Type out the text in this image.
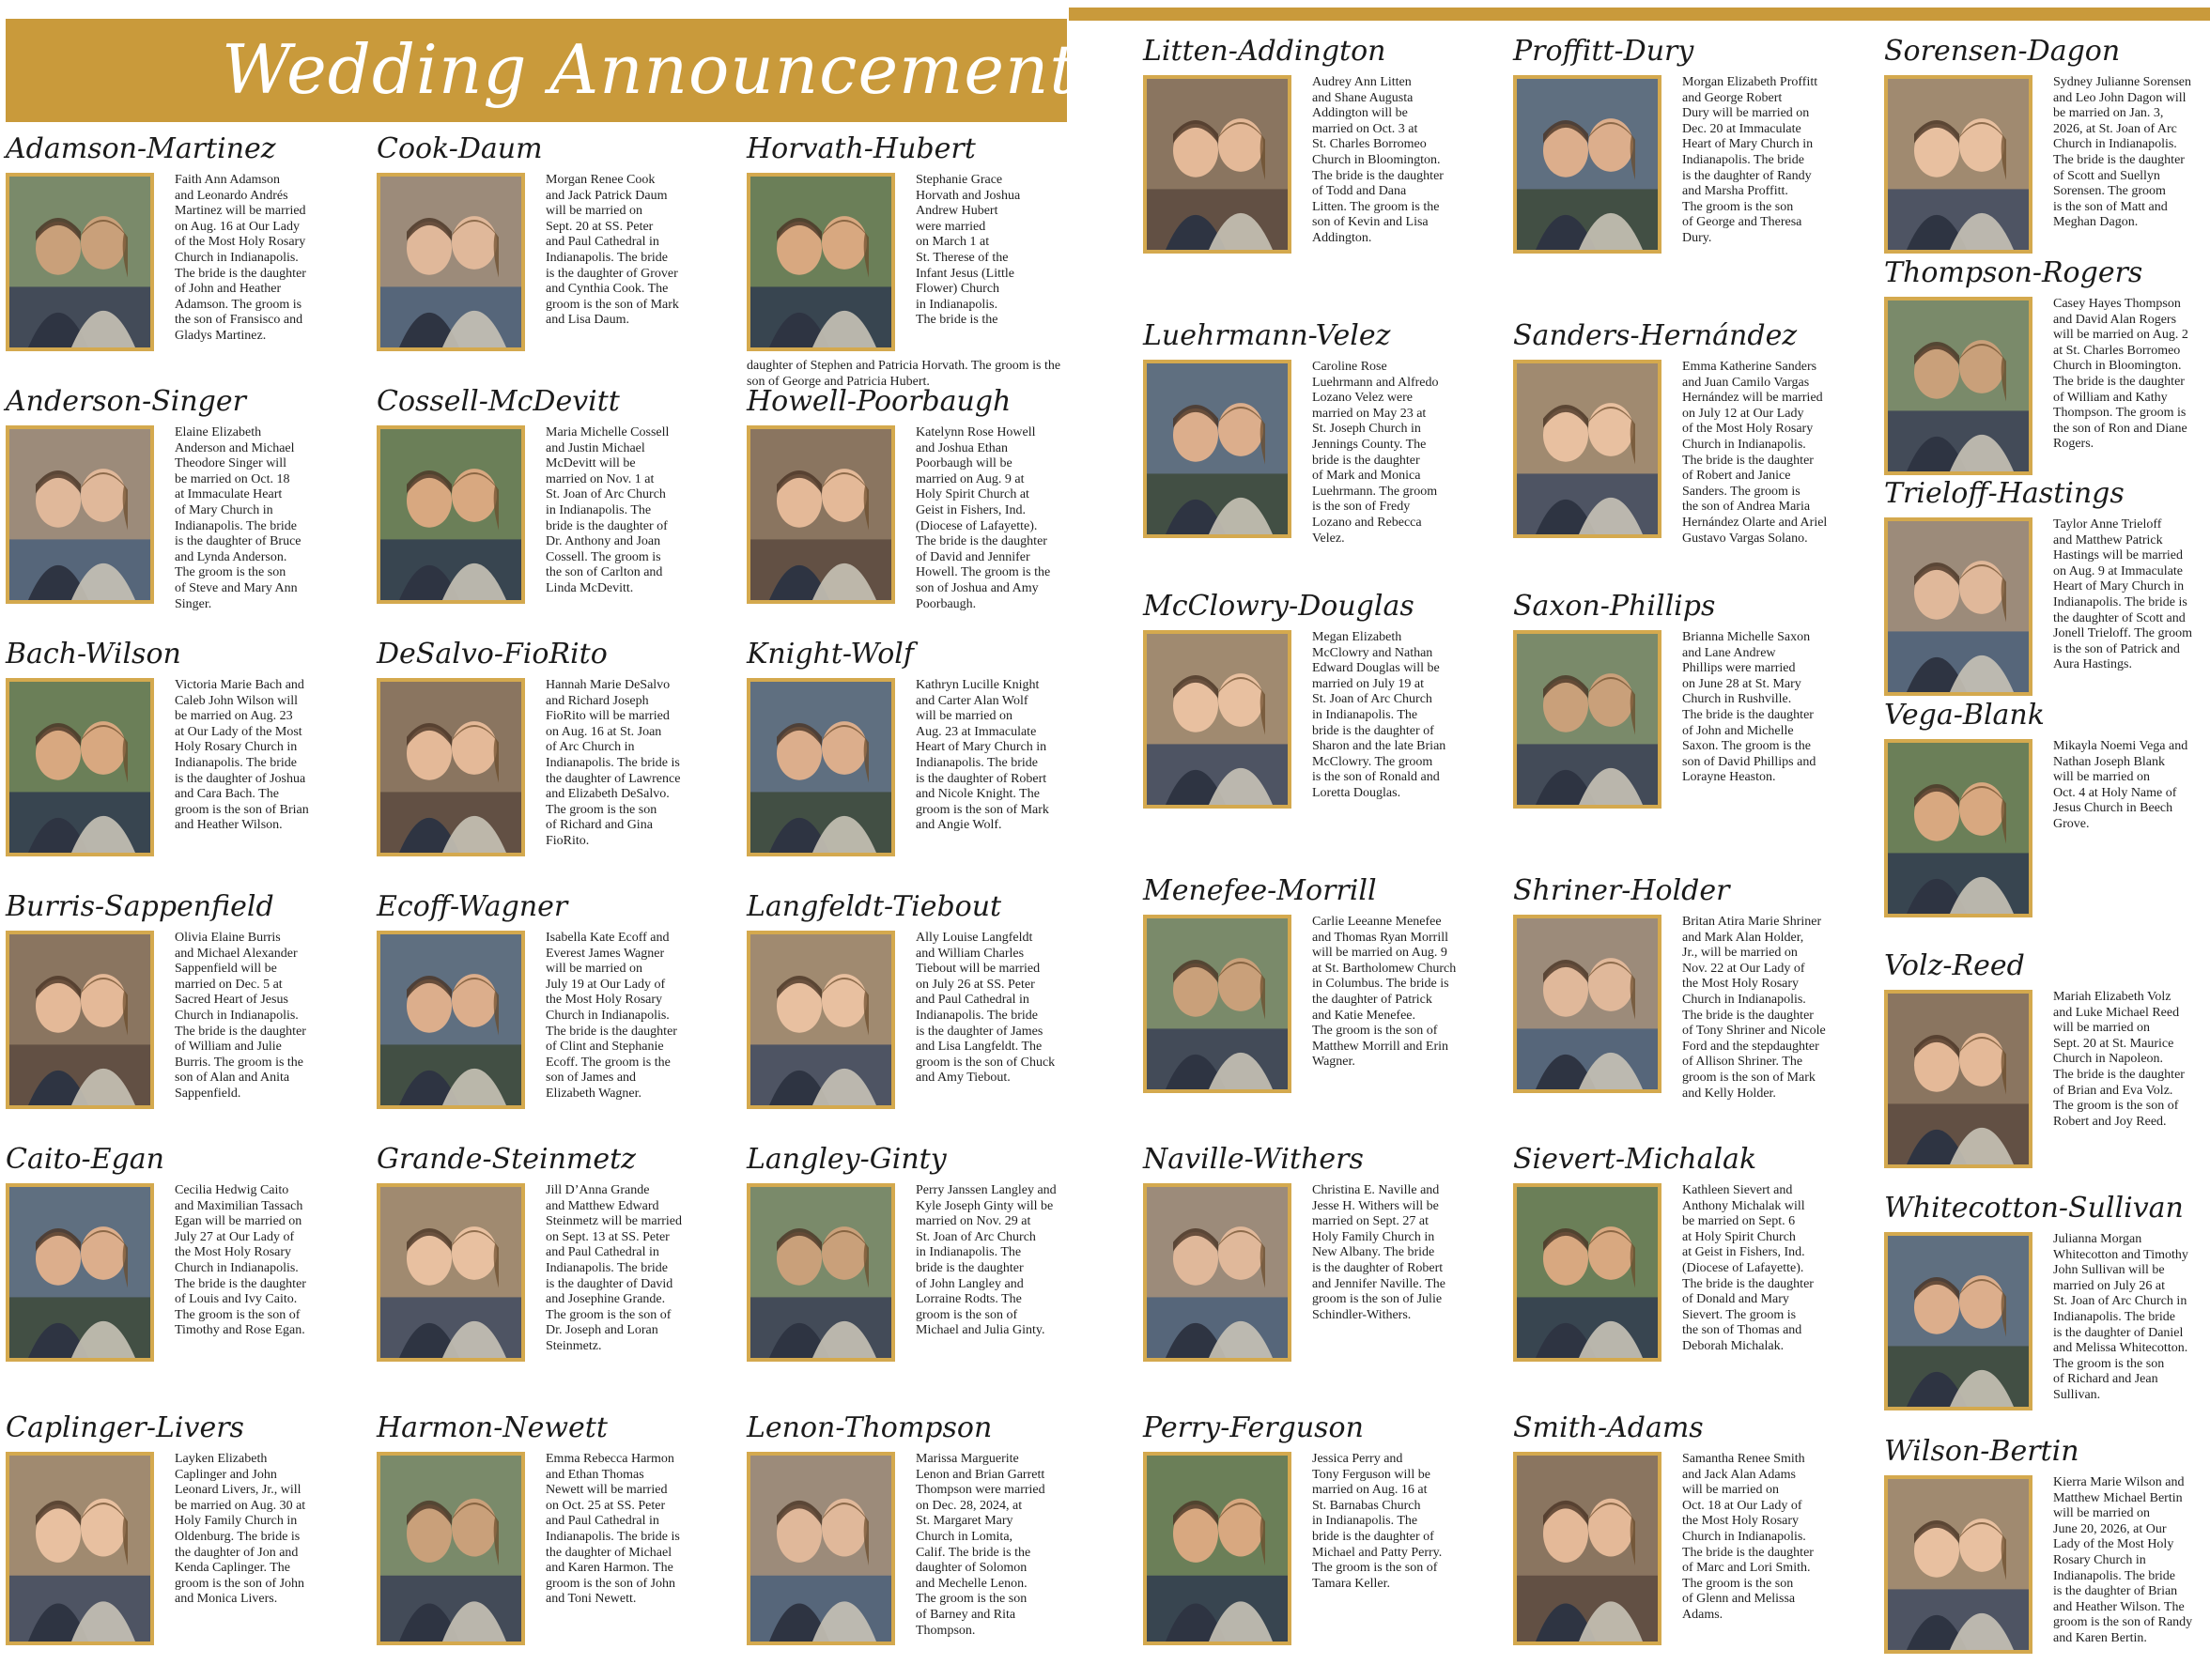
Wedding Announcements
Adamson-Martinez
Faith Ann Adamson
and Leonardo Andrés
Martinez will be married
on Aug. 16 at Our Lady
of the Most Holy Rosary
Church in Indianapolis.
The bride is the daughter
of John and Heather
Adamson. The groom is
the son of Fransisco and
Gladys Martinez.
Anderson-Singer
Elaine Elizabeth
Anderson and Michael
Theodore Singer will
be married on Oct. 18
at Immaculate Heart
of Mary Church in
Indianapolis. The bride
is the daughter of Bruce
and Lynda Anderson.
The groom is the son
of Steve and Mary Ann
Singer.
Bach-Wilson
Victoria Marie Bach and
Caleb John Wilson will
be married on Aug. 23
at Our Lady of the Most
Holy Rosary Church in
Indianapolis. The bride
is the daughter of Joshua
and Cara Bach. The
groom is the son of Brian
and Heather Wilson.
Burris-Sappenfield
Olivia Elaine Burris
and Michael Alexander
Sappenfield will be
married on Dec. 5 at
Sacred Heart of Jesus
Church in Indianapolis.
The bride is the daughter
of William and Julie
Burris. The groom is the
son of Alan and Anita
Sappenfield.
Caito-Egan
Cecilia Hedwig Caito
and Maximilian Tassach
Egan will be married on
July 27 at Our Lady of
the Most Holy Rosary
Church in Indianapolis.
The bride is the daughter
of Louis and Ivy Caito.
The groom is the son of
Timothy and Rose Egan.
Caplinger-Livers
Layken Elizabeth
Caplinger and John
Leonard Livers, Jr., will
be married on Aug. 30 at
Holy Family Church in
Oldenburg. The bride is
the daughter of Jon and
Kenda Caplinger. The
groom is the son of John
and Monica Livers.
Cook-Daum
Morgan Renee Cook
and Jack Patrick Daum
will be married on
Sept. 20 at SS. Peter
and Paul Cathedral in
Indianapolis. The bride
is the daughter of Grover
and Cynthia Cook. The
groom is the son of Mark
and Lisa Daum.
Cossell-McDevitt
Maria Michelle Cossell
and Justin Michael
McDevitt will be
married on Nov. 1 at
St. Joan of Arc Church
in Indianapolis. The
bride is the daughter of
Dr. Anthony and Joan
Cossell. The groom is
the son of Carlton and
Linda McDevitt.
DeSalvo-FioRito
Hannah Marie DeSalvo
and Richard Joseph
FioRito will be married
on Aug. 16 at St. Joan
of Arc Church in
Indianapolis. The bride is
the daughter of Lawrence
and Elizabeth DeSalvo.
The groom is the son
of Richard and Gina
FioRito.
Ecoff-Wagner
Isabella Kate Ecoff and
Everest James Wagner
will be married on
July 19 at Our Lady of
the Most Holy Rosary
Church in Indianapolis.
The bride is the daughter
of Clint and Stephanie
Ecoff. The groom is the
son of James and
Elizabeth Wagner.
Grande-Steinmetz
Jill D’Anna Grande
and Matthew Edward
Steinmetz will be married
on Sept. 13 at SS. Peter
and Paul Cathedral in
Indianapolis. The bride
is the daughter of David
and Josephine Grande.
The groom is the son of
Dr. Joseph and Loran
Steinmetz.
Harmon-Newett
Emma Rebecca Harmon
and Ethan Thomas
Newett will be married
on Oct. 25 at SS. Peter
and Paul Cathedral in
Indianapolis. The bride is
the daughter of Michael
and Karen Harmon. The
groom is the son of John
and Toni Newett.
Horvath-Hubert
Stephanie Grace
Horvath and Joshua
Andrew Hubert
were married
on March 1 at
St. Therese of the
Infant Jesus (Little
Flower) Church
in Indianapolis.
The bride is the
daughter of Stephen and Patricia Horvath. The groom is the son of George and Patricia Hubert.
Howell-Poorbaugh
Katelynn Rose Howell
and Joshua Ethan
Poorbaugh will be
married on Aug. 9 at
Holy Spirit Church at
Geist in Fishers, Ind.
(Diocese of Lafayette).
The bride is the daughter
of David and Jennifer
Howell. The groom is the
son of Joshua and Amy
Poorbaugh.
Knight-Wolf
Kathryn Lucille Knight
and Carter Alan Wolf
will be married on
Aug. 23 at Immaculate
Heart of Mary Church in
Indianapolis. The bride
is the daughter of Robert
and Nicole Knight. The
groom is the son of Mark
and Angie Wolf.
Langfeldt-Tiebout
Ally Louise Langfeldt
and William Charles
Tiebout will be married
on July 26 at SS. Peter
and Paul Cathedral in
Indianapolis. The bride
is the daughter of James
and Lisa Langfeldt. The
groom is the son of Chuck
and Amy Tiebout.
Langley-Ginty
Perry Janssen Langley and
Kyle Joseph Ginty will be
married on Nov. 29 at
St. Joan of Arc Church
in Indianapolis. The
bride is the daughter
of John Langley and
Lorraine Rodts. The
groom is the son of
Michael and Julia Ginty.
Lenon-Thompson
Marissa Marguerite
Lenon and Brian Garrett
Thompson were married
on Dec. 28, 2024, at
St. Margaret Mary
Church in Lomita,
Calif. The bride is the
daughter of Solomon
and Mechelle Lenon.
The groom is the son
of Barney and Rita
Thompson.
Litten-Addington
Audrey Ann Litten
and Shane Augusta
Addington will be
married on Oct. 3 at
St. Charles Borromeo
Church in Bloomington.
The bride is the daughter
of Todd and Dana
Litten. The groom is the
son of Kevin and Lisa
Addington.
Luehrmann-Velez
Caroline Rose
Luehrmann and Alfredo
Lozano Velez were
married on May 23 at
St. Joseph Church in
Jennings County. The
bride is the daughter
of Mark and Monica
Luehrmann. The groom
is the son of Fredy
Lozano and Rebecca
Velez.
McClowry-Douglas
Megan Elizabeth
McClowry and Nathan
Edward Douglas will be
married on July 19 at
St. Joan of Arc Church
in Indianapolis. The
bride is the daughter of
Sharon and the late Brian
McClowry. The groom
is the son of Ronald and
Loretta Douglas.
Menefee-Morrill
Carlie Leeanne Menefee
and Thomas Ryan Morrill
will be married on Aug. 9
at St. Bartholomew Church
in Columbus. The bride is
the daughter of Patrick
and Katie Menefee.
The groom is the son of
Matthew Morrill and Erin
Wagner.
Naville-Withers
Christina E. Naville and
Jesse H. Withers will be
married on Sept. 27 at
Holy Family Church in
New Albany. The bride
is the daughter of Robert
and Jennifer Naville. The
groom is the son of Julie
Schindler-Withers.
Perry-Ferguson
Jessica Perry and
Tony Ferguson will be
married on Aug. 16 at
St. Barnabas Church
in Indianapolis. The
bride is the daughter of
Michael and Patty Perry.
The groom is the son of
Tamara Keller.
Proffitt-Dury
Morgan Elizabeth Proffitt
and George Robert
Dury will be married on
Dec. 20 at Immaculate
Heart of Mary Church in
Indianapolis. The bride
is the daughter of Randy
and Marsha Proffitt.
The groom is the son
of George and Theresa
Dury.
Sanders-Hernández
Emma Katherine Sanders
and Juan Camilo Vargas
Hernández will be married
on July 12 at Our Lady
of the Most Holy Rosary
Church in Indianapolis.
The bride is the daughter
of Robert and Janice
Sanders. The groom is
the son of Andrea Maria
Hernández Olarte and Ariel
Gustavo Vargas Solano.
Saxon-Phillips
Brianna Michelle Saxon
and Lane Andrew
Phillips were married
on June 28 at St. Mary
Church in Rushville.
The bride is the daughter
of John and Michelle
Saxon. The groom is the
son of David Phillips and
Lorayne Heaston.
Shriner-Holder
Britan Atira Marie Shriner
and Mark Alan Holder,
Jr., will be married on
Nov. 22 at Our Lady of
the Most Holy Rosary
Church in Indianapolis.
The bride is the daughter
of Tony Shriner and Nicole
Ford and the stepdaughter
of Allison Shriner. The
groom is the son of Mark
and Kelly Holder.
Sievert-Michalak
Kathleen Sievert and
Anthony Michalak will
be married on Sept. 6
at Holy Spirit Church
at Geist in Fishers, Ind.
(Diocese of Lafayette).
The bride is the daughter
of Donald and Mary
Sievert. The groom is
the son of Thomas and
Deborah Michalak.
Smith-Adams
Samantha Renee Smith
and Jack Alan Adams
will be married on
Oct. 18 at Our Lady of
the Most Holy Rosary
Church in Indianapolis.
The bride is the daughter
of Marc and Lori Smith.
The groom is the son
of Glenn and Melissa
Adams.
Sorensen-Dagon
Sydney Julianne Sorensen
and Leo John Dagon will
be married on Jan. 3,
2026, at St. Joan of Arc
Church in Indianapolis.
The bride is the daughter
of Scott and Suellyn
Sorensen. The groom
is the son of Matt and
Meghan Dagon.
Thompson-Rogers
Casey Hayes Thompson
and David Alan Rogers
will be married on Aug. 2
at St. Charles Borromeo
Church in Bloomington.
The bride is the daughter
of William and Kathy
Thompson. The groom is
the son of Ron and Diane
Rogers.
Trieloff-Hastings
Taylor Anne Trieloff
and Matthew Patrick
Hastings will be married
on Aug. 9 at Immaculate
Heart of Mary Church in
Indianapolis. The bride is
the daughter of Scott and
Jonell Trieloff. The groom
is the son of Patrick and
Aura Hastings.
Vega-Blank
Mikayla Noemi Vega and
Nathan Joseph Blank
will be married on
Oct. 4 at Holy Name of
Jesus Church in Beech
Grove.
Volz-Reed
Mariah Elizabeth Volz
and Luke Michael Reed
will be married on
Sept. 20 at St. Maurice
Church in Napoleon.
The bride is the daughter
of Brian and Eva Volz.
The groom is the son of
Robert and Joy Reed.
Whitecotton-Sullivan
Julianna Morgan
Whitecotton and Timothy
John Sullivan will be
married on July 26 at
St. Joan of Arc Church in
Indianapolis. The bride
is the daughter of Daniel
and Melissa Whitecotton.
The groom is the son
of Richard and Jean
Sullivan.
Wilson-Bertin
Kierra Marie Wilson and
Matthew Michael Bertin
will be married on
June 20, 2026, at Our
Lady of the Most Holy
Rosary Church in
Indianapolis. The bride
is the daughter of Brian
and Heather Wilson. The
groom is the son of Randy
and Karen Bertin.
